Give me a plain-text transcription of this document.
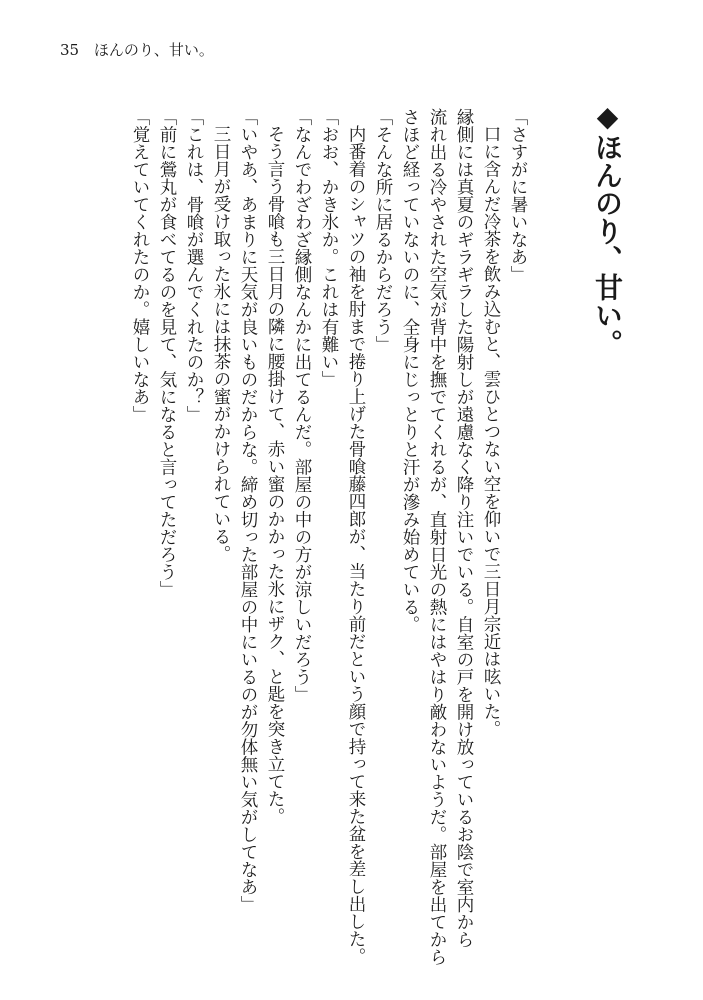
35 ほんのり、甘い。
◆ほんのり、甘い。

「さすがに暑いなあ」

口に含んだ冷茶を飲み込むと、雲ひとつない空を仰いで三日月宗近は呟いた。

縁側には真夏のギラギラした陽射しが遠慮なく降り注いでいる。自室の戸を開け放っているお陰で室内から

流れ出る冷やされた空気が背中を撫でてくれるが、直射日光の熱にはやはり敵わないようだ。部屋を出てから

さほど経っていないのに、全身にじっとりと汗が滲み始めている。

「そんな所に居るからだろう」

内番着のシャツの袖を肘まで捲り上げた骨喰藤四郎が、当たり前だという顔で持って来た盆を差し出した。

「おお、かき氷か。これは有難い」

「なんでわざわざ縁側なんかに出てるんだ。部屋の中の方が涼しいだろう」

そう言う骨喰も三日月の隣に腰掛けて、赤い蜜のかかった氷にザク、と匙を突き立てた。

「いやあ、あまりに天気が良いものだからな。締め切った部屋の中にいるのが勿体無い気がしてなあ」

三日月が受け取った氷には抹茶の蜜がかけられている。

「これは、骨喰が選んでくれたのか？」

「前に鶯丸が食べてるのを見て、気になると言ってただろう」

「覚えていてくれたのか。嬉しいなあ」
